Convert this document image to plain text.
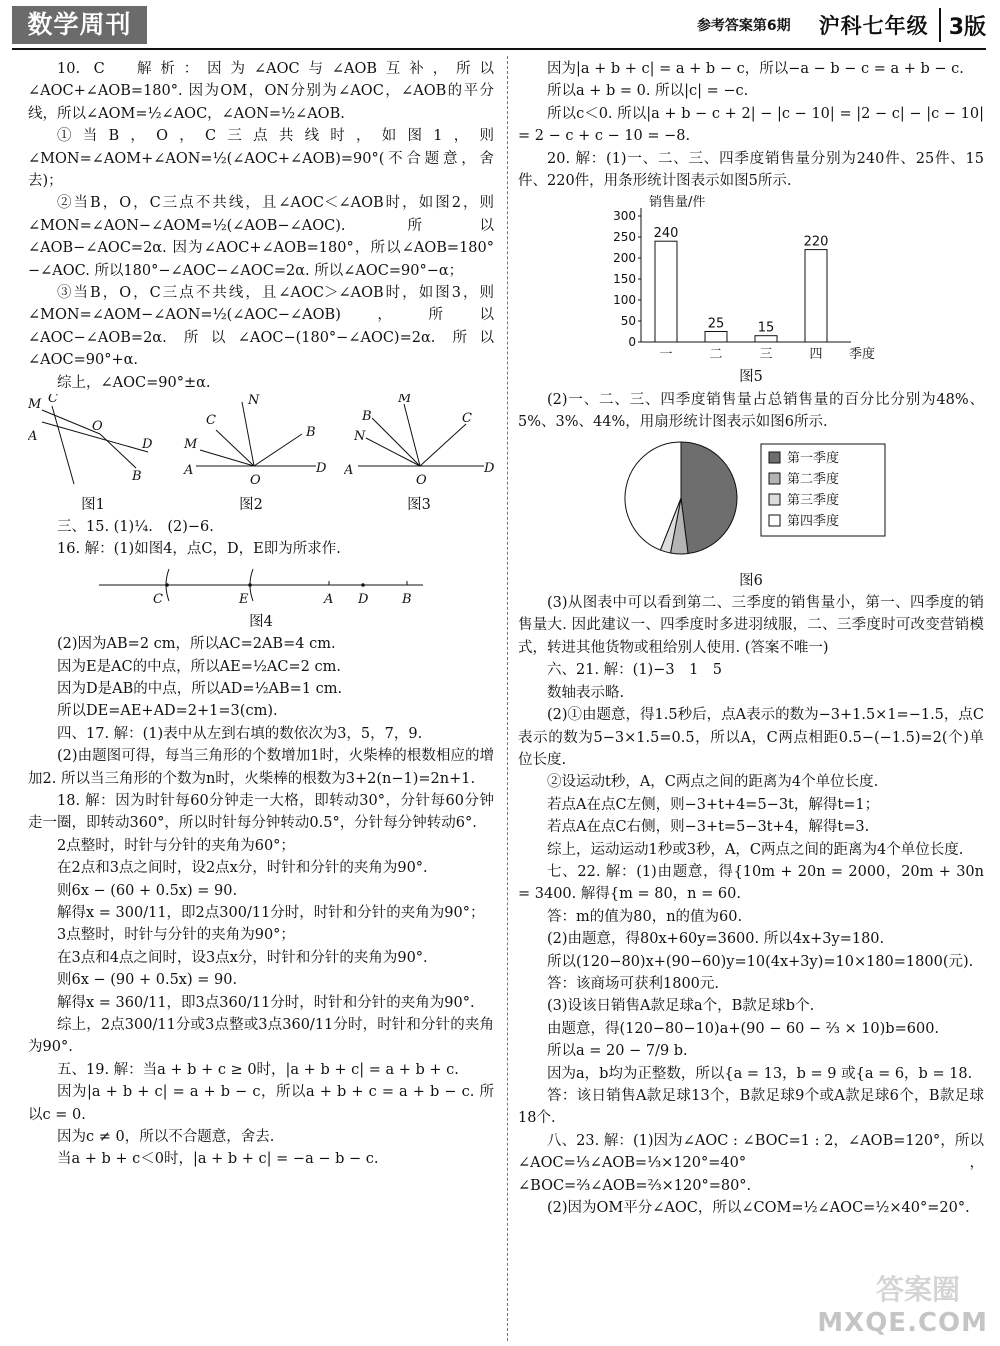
数学周刊	参考答案第6期 沪科七年级 3版

10. C　解析：因为∠AOC与∠AOB互补，所以∠AOC+∠AOB=180°. 因为OM，ON分别为∠AOC，∠AOB的平分线，所以∠AOM=½∠AOC，∠AON=½∠AOB.

①当B，O，C三点共线时，如图1，则∠MON=∠AOM+∠AON=½(∠AOC+∠AOB)=90°(不合题意，舍去)；

②当B，O，C三点不共线，且∠AOC＜∠AOB时，如图2，则∠MON=∠AON−∠AOM=½(∠AOB−∠AOC). 所以∠AOB−∠AOC=2α. 因为∠AOC+∠AOB=180°，所以∠AOB=180°−∠AOC. 所以180°−∠AOC−∠AOC=2α. 所以∠AOC=90°−α；

③当B，O，C三点不共线，且∠AOC＞∠AOB时，如图3，则∠MON=∠AOM−∠AON=½(∠AOC−∠AOB)，所以∠AOC−∠AOB=2α. 所以∠AOC−(180°−∠AOC)=2α. 所以∠AOC=90°+α.

综上，∠AOC=90°±α.

M C
O
A
D
B

图1

N
C
M
A
O
B
D

图2

M
B
N
A
O
C
D

图3

三、15. (1)¼.　(2)−6.

16. 解：(1)如图4，点C，D，E即为所求作.

C	E	A D	B

图4

(2)因为AB=2 cm，所以AC=2AB=4 cm.

因为E是AC的中点，所以AE=½AC=2 cm.

因为D是AB的中点，所以AD=½AB=1 cm.

所以DE=AE+AD=2+1=3(cm).

四、17. 解：(1)表中从左到右填的数依次为3，5，7，9.

(2)由题图可得，每当三角形的个数增加1时，火柴棒的根数相应的增加2. 所以当三角形的个数为n时，火柴棒的根数为3+2(n−1)=2n+1.

18. 解：因为时针每60分钟走一大格，即转动30°，分针每60分钟走一圈，即转动360°，所以时针每分钟转动0.5°，分针每分钟转动6°.

2点整时，时针与分针的夹角为60°；

在2点和3点之间时，设2点x分，时针和分针的夹角为90°.

则6x − (60 + 0.5x) = 90.

解得x = 300/11，即2点300/11分时，时针和分针的夹角为90°；

3点整时，时针与分针的夹角为90°；

在3点和4点之间时，设3点x分，时针和分针的夹角为90°.

则6x − (90 + 0.5x) = 90.

解得x = 360/11，即3点360/11分时，时针和分针的夹角为90°.

综上，2点300/11分或3点整或3点360/11分时，时针和分针的夹角为90°.

五、19. 解：当a + b + c ≥ 0时，|a + b + c| = a + b + c.

因为|a + b + c| = a + b − c，所以a + b + c = a + b − c. 所以c = 0.

因为c ≠ 0，所以不合题意，舍去.

当a + b + c＜0时，|a + b + c| = −a − b − c.

因为|a + b + c| = a + b − c，所以−a − b − c = a + b − c.

所以a + b = 0. 所以|c| = −c.

所以c＜0. 所以|a + b − c + 2| − |c − 10| = |2 − c| − |c − 10| = 2 − c + c − 10 = −8.

20. 解：(1)一、二、三、四季度销售量分别为240件、25件、15件、220件，用条形统计图表示如图5所示.

0
50
100
150
200
250
300
240
25	15
220
一	二	三	四
销售量/件
季度

图5

(2)一、二、三、四季度销售量占总销售量的百分比分别为48%、5%、3%、44%，用扇形统计图表示如图6所示.

第一季度
第二季度
第三季度
第四季度

图6

(3)从图表中可以看到第二、三季度的销售量小，第一、四季度的销售量大. 因此建议一、四季度时多进羽绒服，二、三季度时可改变营销模式，转进其他货物或租给别人使用. (答案不唯一)

六、21. 解：(1)−3　1　5

数轴表示略.

(2)①由题意，得1.5秒后，点A表示的数为−3+1.5×1=−1.5，点C表示的数为5−3×1.5=0.5，所以A，C两点相距0.5−(−1.5)=2(个)单位长度.

②设运动t秒，A，C两点之间的距离为4个单位长度.

若点A在点C左侧，则−3+t+4=5−3t，解得t=1；

若点A在点C右侧，则−3+t=5−3t+4，解得t=3.

综上，运动运动1秒或3秒，A，C两点之间的距离为4个单位长度.

七、22. 解：(1)由题意，得{10m + 20n = 2000，20m + 30n = 3400. 解得{m = 80，n = 60.

答：m的值为80，n的值为60.

(2)由题意，得80x+60y=3600. 所以4x+3y=180.

所以(120−80)x+(90−60)y=10(4x+3y)=10×180=1800(元).

答：该商场可获利1800元.

(3)设该日销售A款足球a个，B款足球b个.

由题意，得(120−80−10)a+(90 − 60 − ⅔ × 10)b=600.

所以a = 20 − 7/9 b.

因为a，b均为正整数，所以{a = 13，b = 9 或{a = 6，b = 18.

答：该日销售A款足球13个，B款足球9个或A款足球6个，B款足球18个.

八、23. 解：(1)因为∠AOC : ∠BOC=1 : 2，∠AOB=120°，所以∠AOC=⅓∠AOB=⅓×120°=40°，∠BOC=⅔∠AOB=⅔×120°=80°.

(2)因为OM平分∠AOC，所以∠COM=½∠AOC=½×40°=20°.

答案圈
MXQE.COM
